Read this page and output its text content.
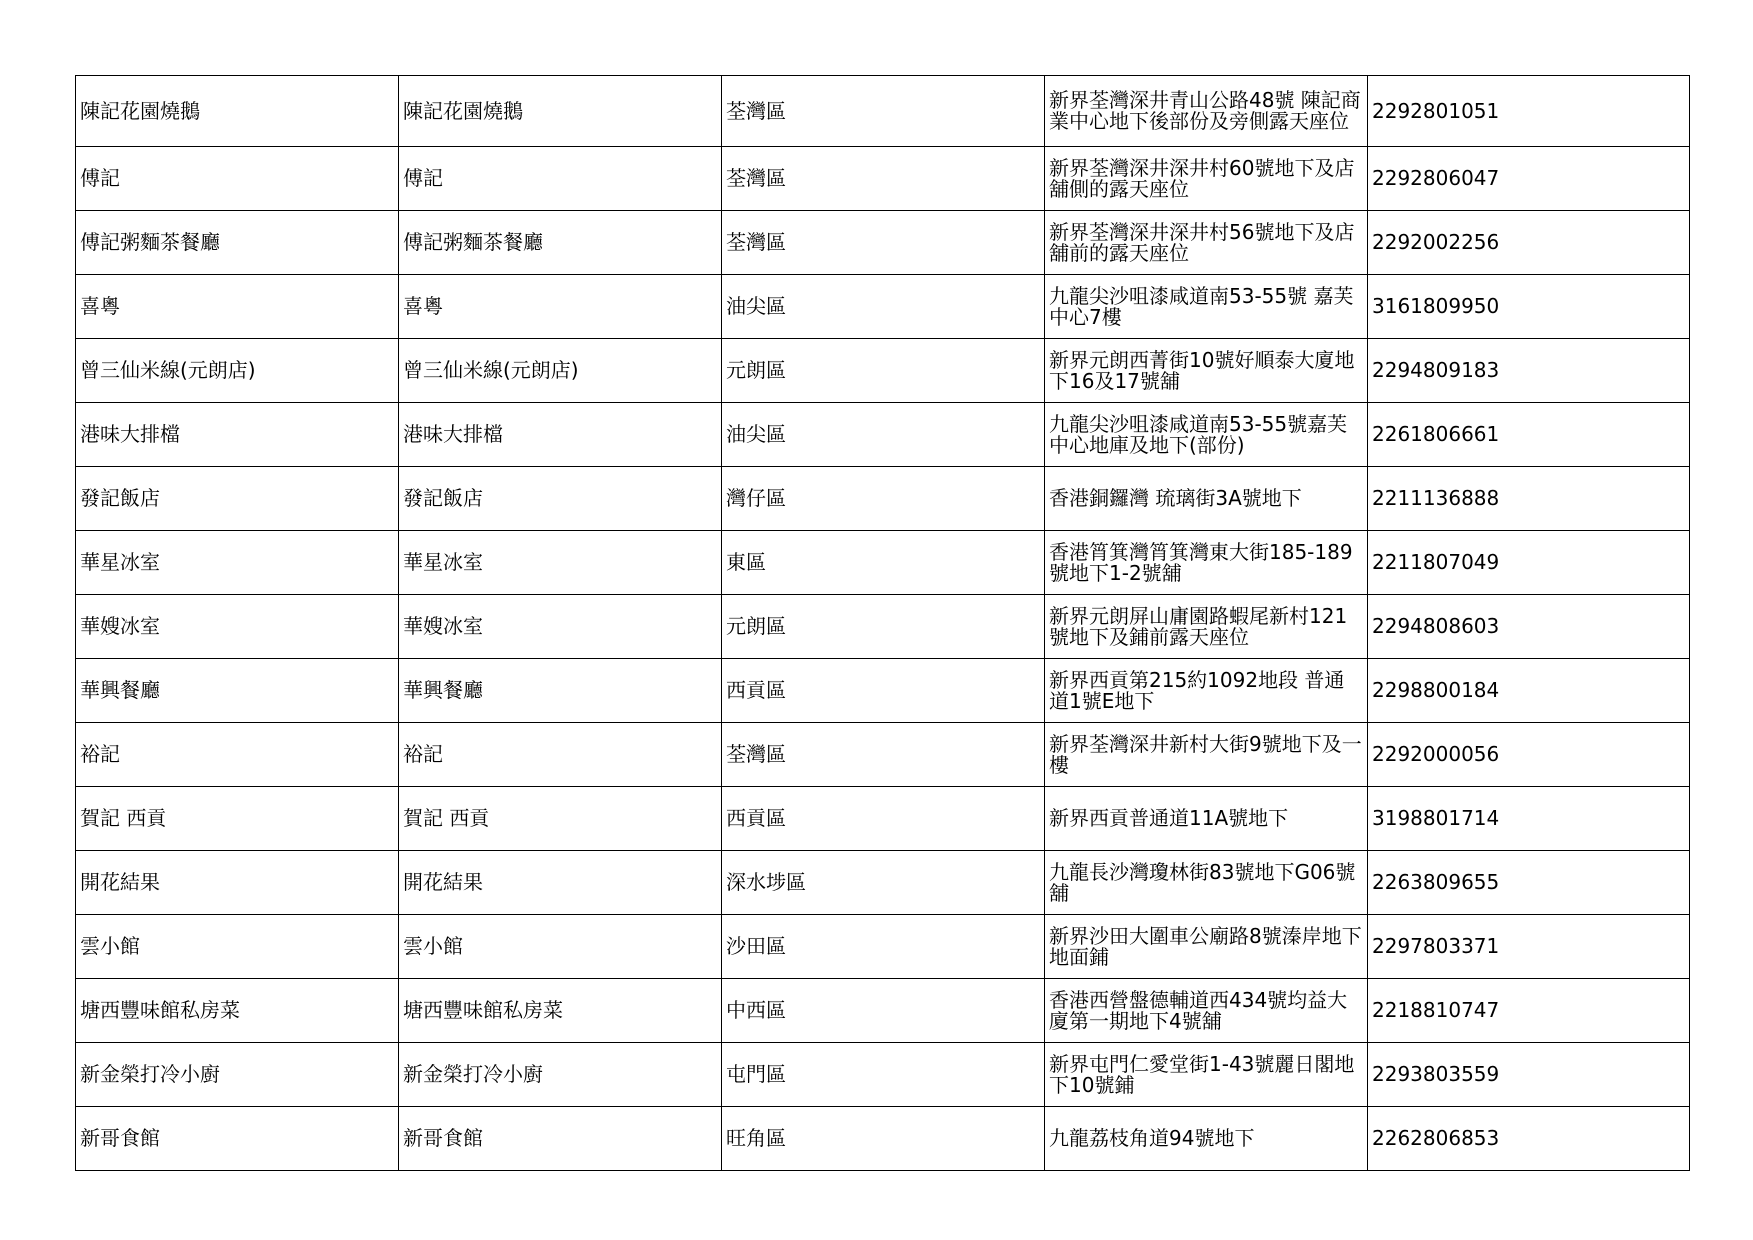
陳記花園燒鵝	陳記花園燒鵝	荃灣區	新界荃灣深井青山公路48號 陳記商業中心地下後部份及旁側露天座位	2292801051
傅記	傅記	荃灣區	新界荃灣深井深井村60號地下及店舖側的露天座位	2292806047
傅記粥麵茶餐廳	傅記粥麵茶餐廳	荃灣區	新界荃灣深井深井村56號地下及店舖前的露天座位	2292002256
喜粵	喜粵	油尖區	九龍尖沙咀漆咸道南53-55號 嘉芙中心7樓	3161809950
曾三仙米線(元朗店)	曾三仙米線(元朗店)	元朗區	新界元朗西菁街10號好順泰大廈地下16及17號舖	2294809183
港味大排檔	港味大排檔	油尖區	九龍尖沙咀漆咸道南53-55號嘉芙中心地庫及地下(部份)	2261806661
發記飯店	發記飯店	灣仔區	香港銅鑼灣 琉璃街3A號地下	2211136888
華星冰室	華星冰室	東區	香港筲箕灣筲箕灣東大街185-189號地下1-2號舖	2211807049
華嫂冰室	華嫂冰室	元朗區	新界元朗屏山庸園路蝦尾新村121號地下及鋪前露天座位	2294808603
華興餐廳	華興餐廳	西貢區	新界西貢第215約1092地段 普通道1號E地下	2298800184
裕記	裕記	荃灣區	新界荃灣深井新村大街9號地下及一樓	2292000056
賀記 西貢	賀記 西貢	西貢區	新界西貢普通道11A號地下	3198801714
開花結果	開花結果	深水埗區	九龍長沙灣瓊林街83號地下G06號舖	2263809655
雲小館	雲小館	沙田區	新界沙田大圍車公廟路8號溱岸地下地面鋪	2297803371
塘西豐味館私房菜	塘西豐味館私房菜	中西區	香港西營盤德輔道西434號均益大廈第一期地下4號舖	2218810747
新金榮打冷小廚	新金榮打冷小廚	屯門區	新界屯門仁愛堂街1-43號麗日閣地下10號鋪	2293803559
新哥食館	新哥食館	旺角區	九龍荔枝角道94號地下	2262806853
